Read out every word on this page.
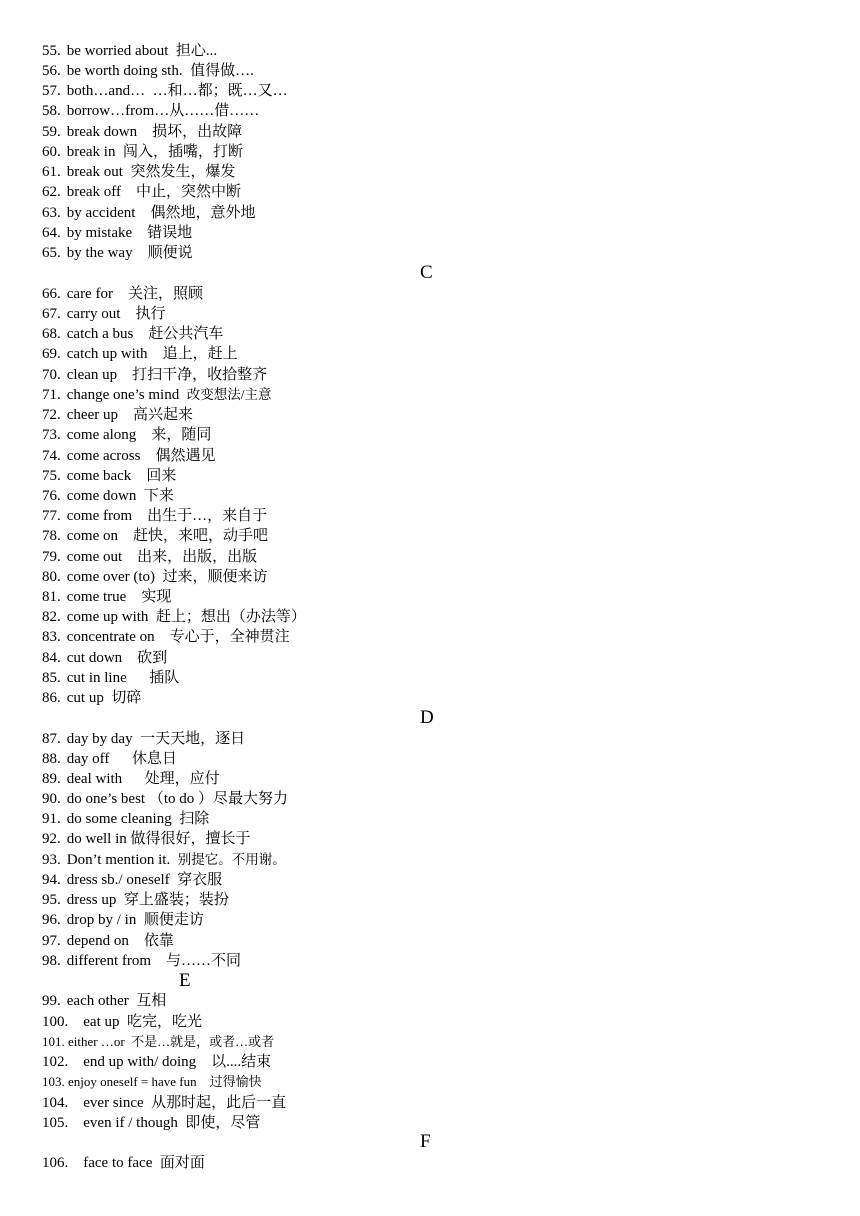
55. be worried about 担心...
56. be worth doing sth. 值得做….
57. both…and… …和…都；既…又…
58. borrow…from…从……借……
59. break down 损坏，出故障
60. break in 闯入，插嘴，打断
61. break out 突然发生，爆发
62. break off 中止，突然中断
63. by accident 偶然地，意外地
64. by mistake 错误地
65. by the way 顺便说
C
66. care for 关注，照顾
67. carry out 执行
68. catch a bus 赶公共汽车
69. catch up with 追上，赶上
70. clean up 打扫干净，收拾整齐
71. change one’s mind 改变想法/主意
72. cheer up 高兴起来
73. come along 来，随同
74. come across 偶然遇见
75. come back 回来
76. come down 下来
77. come from 出生于…，来自于
78. come on 赶快，来吧，动手吧
79. come out 出来，出版，出版
80. come over (to) 过来，顺便来访
81. come true 实现
82. come up with 赶上；想出（办法等）
83. concentrate on 专心于，全神贯注
84. cut down 砍到
85. cut in line 插队
86. cut up 切碎
D
87. day by day 一天天地，逐日
88. day off 休息日
89. deal with 处理，应付
90. do one’s best （to do ）尽最大努力
91. do some cleaning 扫除
92. do well in 做得很好，擅长于
93. Don’t mention it. 别提它。不用谢。
94. dress sb./ oneself 穿衣服
95. dress up 穿上盛装；装扮
96. drop by / in 顺便走访
97. depend on 依靠
98. different from 与……不同
E
99. each other 互相
100. eat up 吃完，吃光
101. either …or 不是…就是，或者…或者
102. end up with/ doing 以....结束
103. enjoy oneself = have fun 过得愉快
104. ever since 从那时起，此后一直
105. even if / though 即使，尽管
F
106. face to face 面对面
